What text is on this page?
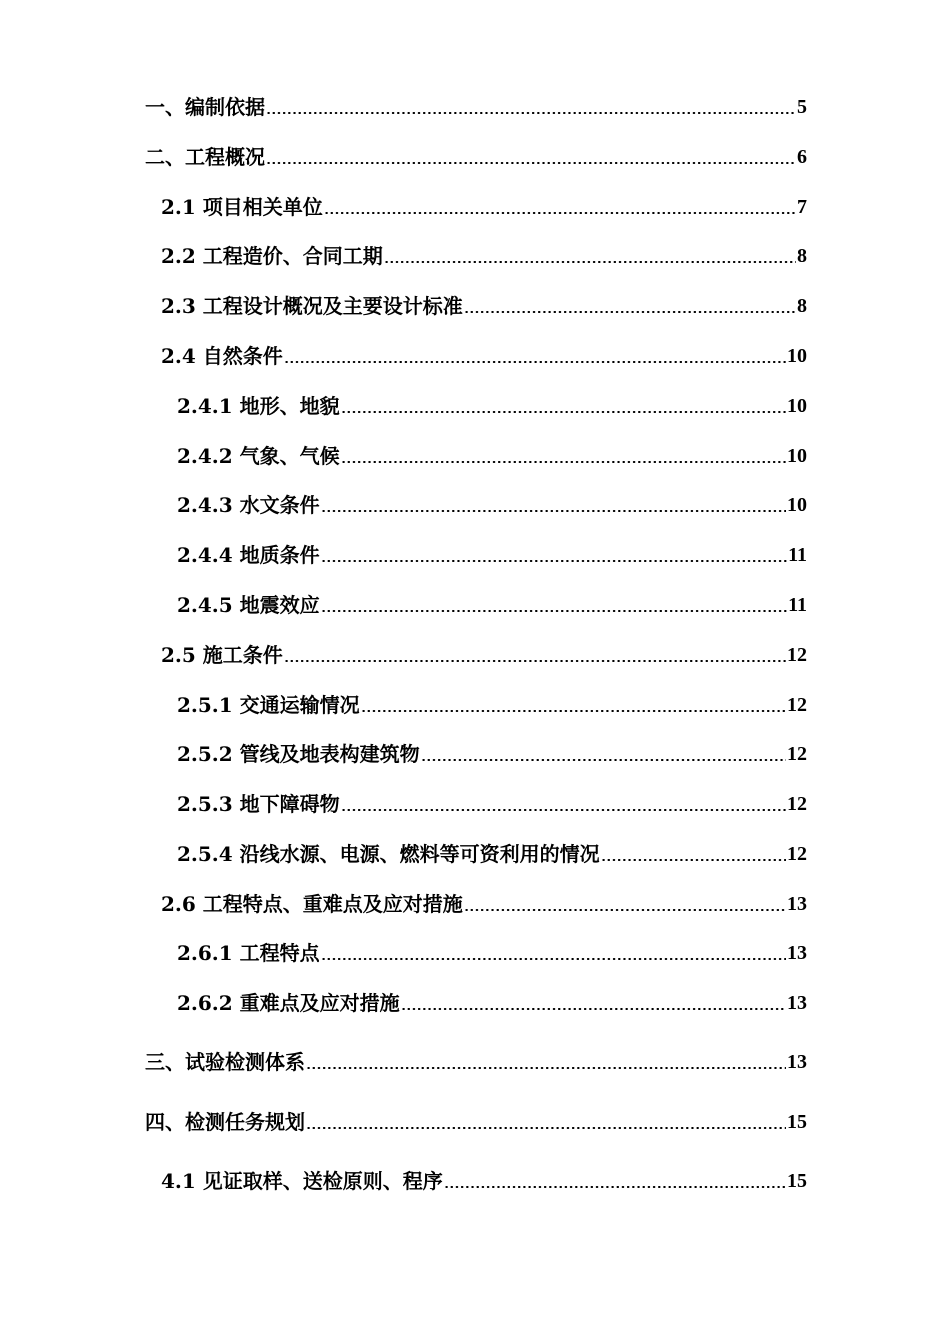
一、编制依据	5
二、工程概况	6
2.1 项目相关单位	7
2.2 工程造价、合同工期	8
2.3 工程设计概况及主要设计标准	8
2.4 自然条件	10
2.4.1 地形、地貌	10
2.4.2 气象、气候	10
2.4.3 水文条件	10
2.4.4 地质条件	11
2.4.5 地震效应	11
2.5 施工条件	12
2.5.1 交通运输情况	12
2.5.2 管线及地表构建筑物	12
2.5.3 地下障碍物	12
2.5.4 沿线水源、电源、燃料等可资利用的情况	12
2.6 工程特点、重难点及应对措施	13
2.6.1 工程特点	13
2.6.2 重难点及应对措施	13
三、试验检测体系	13
四、检测任务规划	15
4.1 见证取样、送检原则、程序	15
